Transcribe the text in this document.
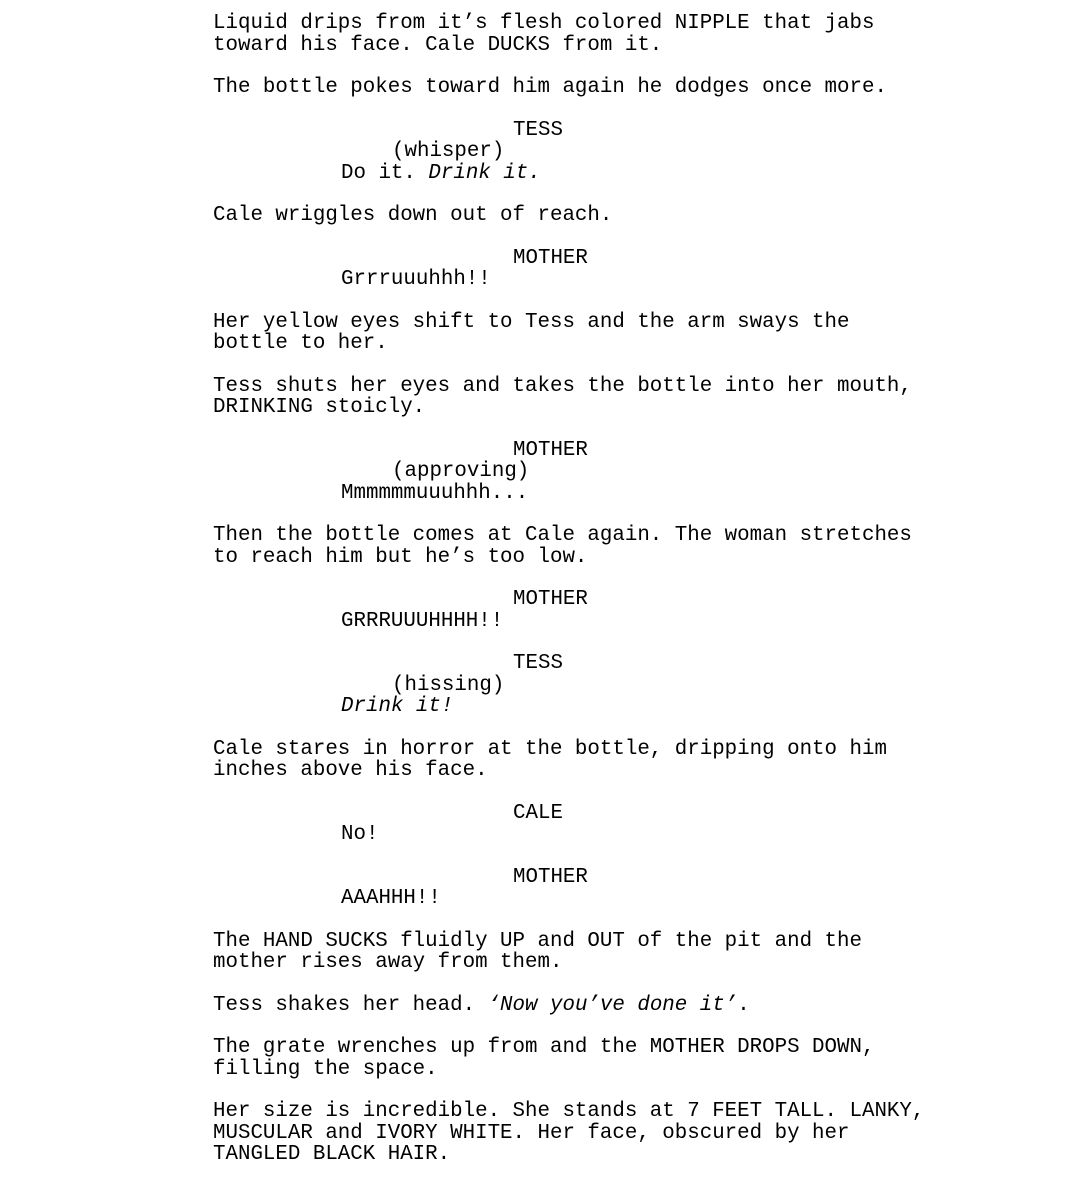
Liquid drips from it’s flesh colored NIPPLE that jabs

toward his face. Cale DUCKS from it.

The bottle pokes toward him again he dodges once more.

TESS

(whisper)

Do it. Drink it.

Cale wriggles down out of reach.

MOTHER

Grrruuuhhh!!

Her yellow eyes shift to Tess and the arm sways the

bottle to her.

Tess shuts her eyes and takes the bottle into her mouth,

DRINKING stoicly.

MOTHER

(approving)

Mmmmmmuuuhhh...

Then the bottle comes at Cale again. The woman stretches

to reach him but he’s too low.

MOTHER

GRRRUUUHHHH!!

TESS

(hissing)

Drink it!

Cale stares in horror at the bottle, dripping onto him

inches above his face.

CALE

No!

MOTHER

AAAHHH!!

The HAND SUCKS fluidly UP and OUT of the pit and the

mother rises away from them.

Tess shakes her head. ‘Now you’ve done it’.

The grate wrenches up from and the MOTHER DROPS DOWN,

filling the space.

Her size is incredible. She stands at 7 FEET TALL. LANKY,

MUSCULAR and IVORY WHITE. Her face, obscured by her

TANGLED BLACK HAIR.
